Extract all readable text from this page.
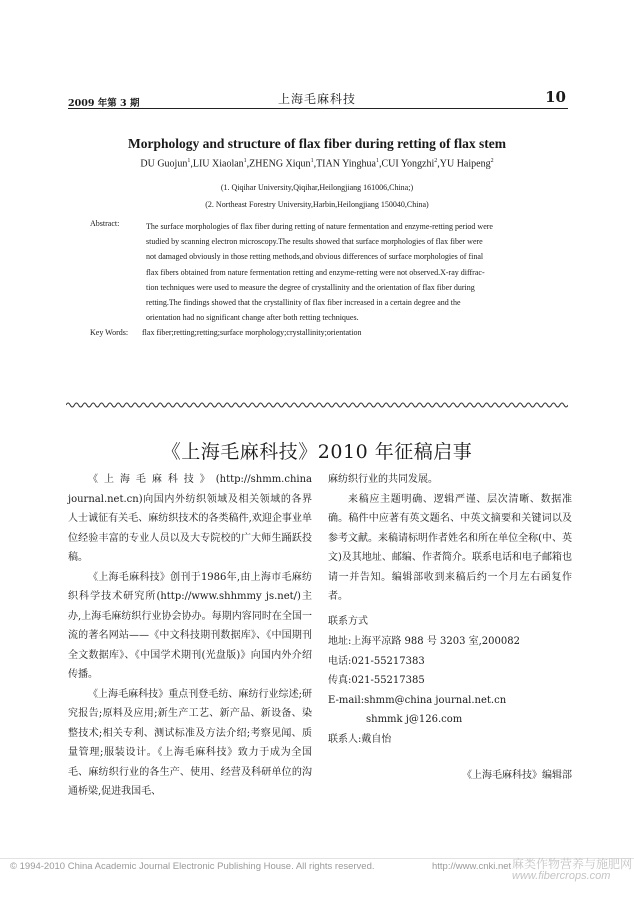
2009 年第 3 期	上海毛麻科技	10
Morphology and structure of flax fiber during retting of flax stem
DU Guojun$^1$,LIU Xiaolan$^1$,ZHENG Xiqun$^1$,TIAN Yinghua$^1$,CUI Yongzhi$^2$,YU Haipeng$^2$
(1. Qiqihar University,Qiqihar,Heilongjiang 161006,China;)
(2. Northeast Forestry University,Harbin,Heilongjiang 150040,China)
Abstract:	The surface morphologies of flax fiber during retting of nature fermentation and enzyme-retting period were
studied by scanning electron microscopy.The results showed that surface morphologies of flax fiber were
not damaged obviously in those retting methods,and obvious differences of surface morphologies of final
flax fibers obtained from nature fermentation retting and enzyme-retting were not observed.X-ray diffrac-
tion techniques were used to measure the degree of crystallinity and the orientation of flax fiber during
retting.The findings showed that the crystallinity of flax fiber increased in a certain degree and the
orientation had no significant change after both retting techniques.
Key Words: flax fiber;retting;retting;surface morphology;crystallinity;orientation
《上海毛麻科技》2010 年征稿启事

《上海毛麻科技》(http://shmm.china journal.net.cn)向国内外纺织领域及相关领域的各界人士诚征有关毛、麻纺织技术的各类稿件,欢迎企事业单位经验丰富的专业人员以及大专院校的广大师生踊跃投稿。

《上海毛麻科技》创刊于1986年,由上海市毛麻纺织科学技术研究所(http://www.shhmmy js.net/)主办,上海毛麻纺织行业协会协办。每期内容同时在全国一流的著名网站——《中文科技期刊数据库》、《中国期刊全文数据库》、《中国学术期刊(光盘版)》向国内外介绍传播。

《上海毛麻科技》重点刊登毛纺、麻纺行业综述;研究报告;原料及应用;新生产工艺、新产品、新设备、染整技术;相关专利、测试标准及方法介绍;考察见闻、质量管理;服装设计。《上海毛麻科技》致力于成为全国毛、麻纺织行业的各生产、使用、经营及科研单位的沟通桥梁,促进我国毛、

麻纺织行业的共同发展。

来稿应主题明确、逻辑严谨、层次清晰、数据准确。稿件中应著有英文题名、中英文摘要和关键词以及参考文献。来稿请标明作者姓名和所在单位全称(中、英文)及其地址、邮编、作者简介。联系电话和电子邮箱也请一并告知。编辑部收到来稿后约一个月左右函复作者。

联系方式
地址:上海平凉路 988 号 3203 室,200082
电话:021-55217383
传真:021-55217385
E-mail:shmm@china journal.net.cn
shmmk j@126.com
联系人:戴自怡
《上海毛麻科技》编辑部
© 1994-2010 China Academic Journal Electronic Publishing House. All rights reserved.	http://www.cnki.net 麻类作物营养与施肥网
www.fibercrops.com
